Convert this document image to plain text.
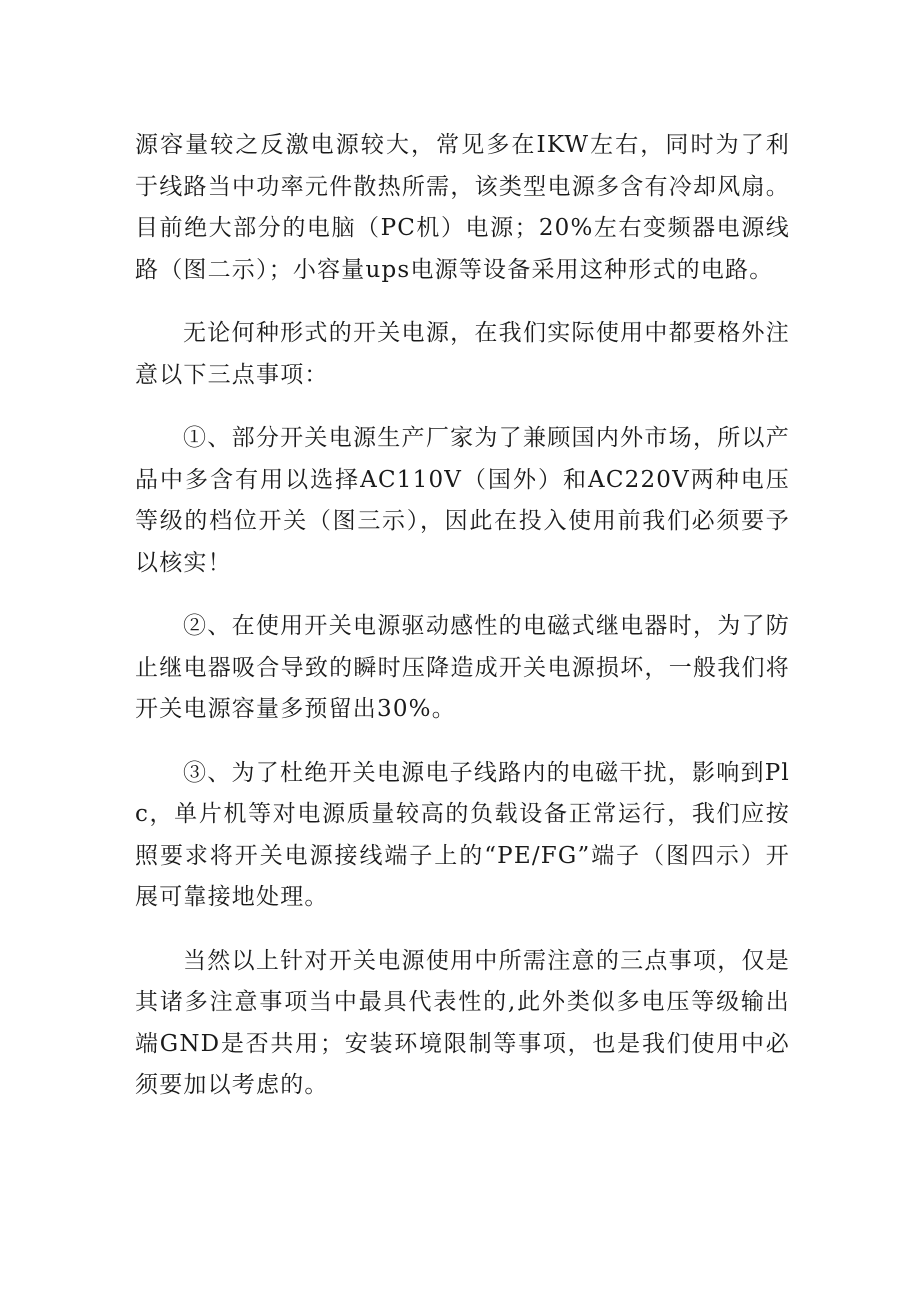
源容量较之反激电源较大，常见多在IKW左右，同时为了利于线路当中功率元件散热所需，该类型电源多含有冷却风扇。目前绝大部分的电脑（PC机）电源；20%左右变频器电源线路（图二示）；小容量ups电源等设备采用这种形式的电路。

无论何种形式的开关电源，在我们实际使用中都要格外注意以下三点事项：

①、部分开关电源生产厂家为了兼顾国内外市场，所以产品中多含有用以选择AC110V（国外）和AC220V两种电压等级的档位开关（图三示），因此在投入使用前我们必须要予以核实！

②、在使用开关电源驱动感性的电磁式继电器时，为了防止继电器吸合导致的瞬时压降造成开关电源损坏，一般我们将开关电源容量多预留出30%。

③、为了杜绝开关电源电子线路内的电磁干扰，影响到Plc，单片机等对电源质量较高的负载设备正常运行，我们应按照要求将开关电源接线端子上的“PE/FG”端子（图四示）开展可靠接地处理。

当然以上针对开关电源使用中所需注意的三点事项，仅是其诸多注意事项当中最具代表性的,此外类似多电压等级输出端GND是否共用；安装环境限制等事项，也是我们使用中必须要加以考虑的。
